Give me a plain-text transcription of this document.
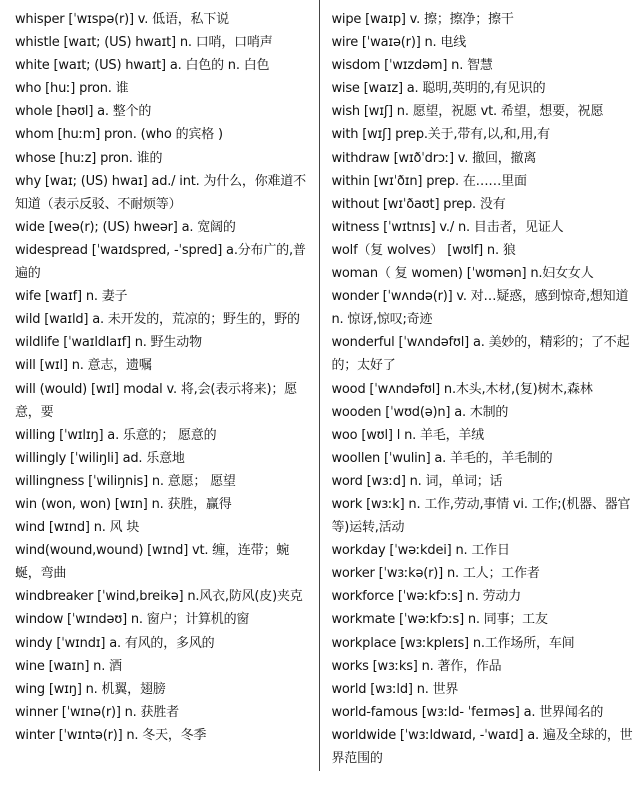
whisper [ˈwɪspə(r)] v. 低语，私下说

whistle [waɪt; (US) hwaɪt] n. 口哨，口哨声

white [waɪt; (US) hwaɪt] a. 白色的 n. 白色

who [huː] pron. 谁

whole [həʊl] a. 整个的

whom [huːm] pron. (who 的宾格 )

whose [huːz] pron. 谁的

why [waɪ; (US) hwaɪ] ad./ int. 为什么，你难道不知道（表示反驳、不耐烦等）

wide [weə(r); (US) hweər] a. 宽阔的

widespread [ˈwaɪdspred, -ˈspred] a.分布广的,普遍的

wife [waɪf] n. 妻子

wild [waɪld] a. 未开发的，荒凉的；野生的，野的

wildlife [ˈwaɪldlaɪf] n. 野生动物

will [wɪl] n. 意志，遗嘱

will (would) [wɪl] modal v. 将,会(表示将来)；愿意，要

willing [ˈwɪlɪŋ] a. 乐意的； 愿意的

willingly [ˈwiliŋli] ad. 乐意地

willingness [ˈwiliŋnis] n. 意愿； 愿望

win (won, won) [wɪn] n. 获胜，赢得

wind [wɪnd] n. 风 块

wind(wound,wound) [wɪnd] vt. 缠，连带；蜿蜒，弯曲

windbreaker [ˈwind,breikə] n.风衣,防风(皮)夹克

window [ˈwɪndəʊ] n. 窗户；计算机的窗

windy [ˈwɪndɪ] a. 有风的，多风的

wine [waɪn] n. 酒

wing [wɪŋ] n. 机翼，翅膀

winner [ˈwɪnə(r)] n. 获胜者

winter [ˈwɪntə(r)] n. 冬天，冬季

wipe [waɪp] v. 擦；擦净；擦干

wire [ˈwaɪə(r)] n. 电线

wisdom [ˈwɪzdəm] n. 智慧

wise [waɪz] a. 聪明,英明的,有见识的

wish [wɪʃ] n. 愿望，祝愿 vt. 希望，想要，祝愿

with [wɪʃ] prep.关于,带有,以,和,用,有

withdraw [wɪðˈdrɔː] v. 撤回，撤离

within [wɪˈðɪn] prep. 在……里面

without [wɪˈðaʊt] prep. 没有

witness [ˈwɪtnɪs] v./ n. 目击者，见证人

wolf（复 wolves） [wʊlf] n. 狼

woman（ 复 women) [ˈwʊmən] n.妇女女人

wonder [ˈwʌndə(r)] v. 对…疑惑，感到惊奇,想知道 n. 惊讶,惊叹;奇迹

wonderful [ˈwʌndəfʊl] a. 美妙的，精彩的；了不起的；太好了

wood [ˈwʌndəfʊl] n.木头,木材,(复)树木,森林

wooden [ˈwʊd(ə)n] a. 木制的

woo [wʊl] l n. 羊毛，羊绒

woollen [ˈwulin] a. 羊毛的，羊毛制的

word [wɜːd] n. 词，单词；话

work [wɜːk] n. 工作,劳动,事情 vi. 工作;(机器、器官等)运转,活动

workday [ˈwəːkdei] n. 工作日

worker [ˈwɜːkə(r)] n. 工人；工作者

workforce [ˈwəːkfɔːs] n. 劳动力

workmate [ˈwəːkfɔːs] n. 同事；工友

workplace [wɜːkpleɪs] n.工作场所，车间

works [wɜːks] n. 著作，作品

world [wɜːld] n. 世界

world-famous [wɜːld- ˈfeɪməs] a. 世界闻名的

worldwide [ˈwɜːldwaɪd, -ˈwaɪd] a. 遍及全球的，世界范围的
